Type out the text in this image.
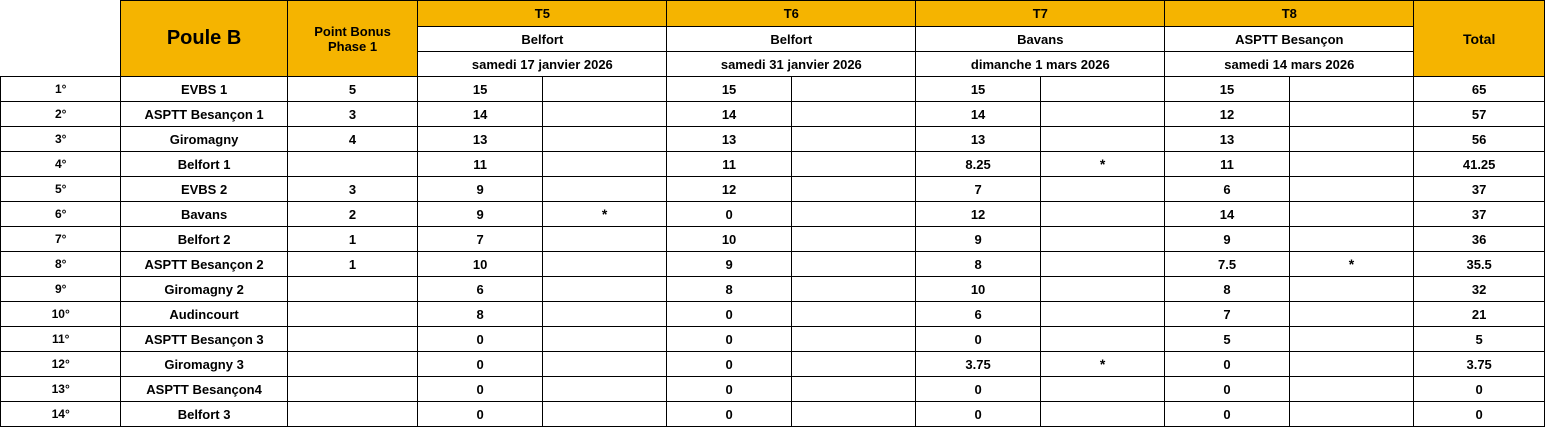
	Poule B	Point Bonus
Phase 1	T5		T6		T7		T8		Total
			Belfort		Belfort		Bavans		ASPTT Besançon		
			samedi 17 janvier 2026		samedi 31 janvier 2026		dimanche 1 mars 2026		samedi 14 mars 2026		
1°	EVBS 1	5	15		15		15		15		65
2°	ASPTT Besançon 1	3	14		14		14		12		57
3°	Giromagny	4	13		13		13		13		56
4°	Belfort 1		11		11		8.25	*	11		41.25
5°	EVBS 2	3	9		12		7		6		37
6°	Bavans	2	9	*	0		12		14		37
7°	Belfort 2	1	7		10		9		9		36
8°	ASPTT Besançon 2	1	10		9		8		7.5	*	35.5
9°	Giromagny 2		6		8		10		8		32
10°	Audincourt		8		0		6		7		21
11°	ASPTT Besançon 3		0		0		0		5		5
12°	Giromagny 3		0		0		3.75	*	0		3.75
13°	ASPTT Besançon4		0		0		0		0		0
14°	Belfort 3		0		0		0		0		0
